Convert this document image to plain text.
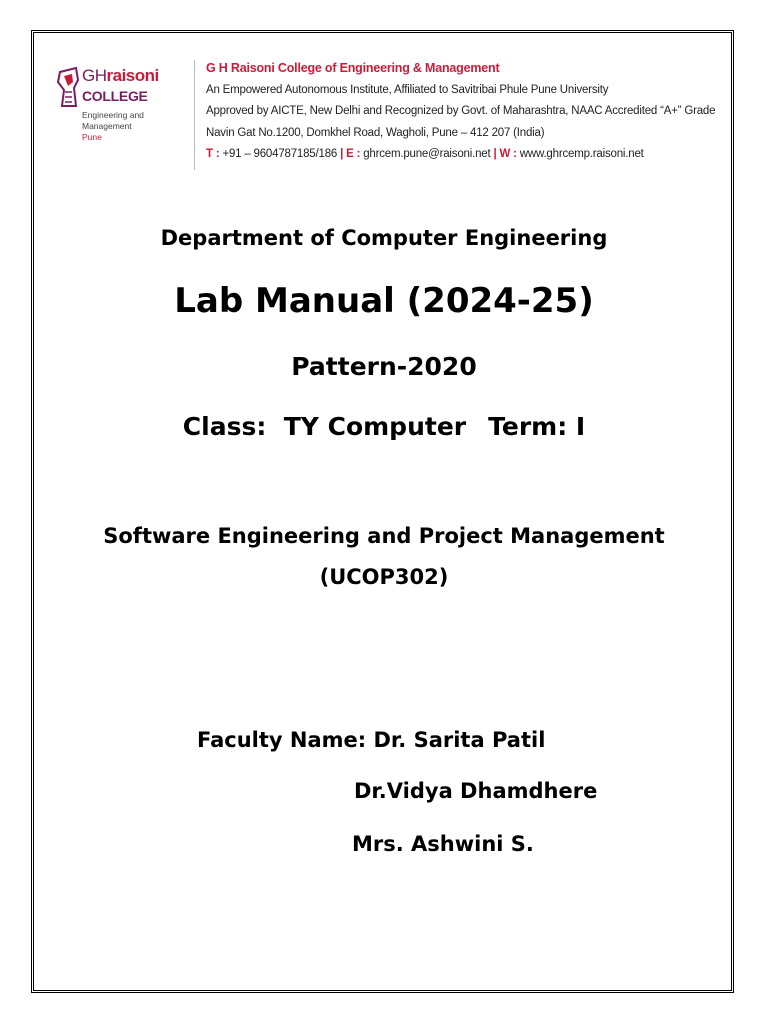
GHraisoni
COLLEGE
Engineering and
Management
Pune
G H Raisoni College of Engineering & Management
An Empowered Autonomous Institute, Affiliated to Savitribai Phule Pune University
Approved by AICTE, New Delhi and Recognized by Govt. of Maharashtra, NAAC Accredited “A+” Grade
Navin Gat No.1200, Domkhel Road, Wagholi, Pune – 412 207 (India)
T : +91 – 9604787185/186 | E : ghrcem.pune@raisoni.net | W : www.ghrcemp.raisoni.net
Department of Computer Engineering
Lab Manual (2024-25)
Pattern-2020
Class:  TY Computer Term: I
Software Engineering and Project Management
(UCOP302)
Faculty Name: Dr. Sarita Patil
Dr.Vidya Dhamdhere
Mrs. Ashwini S.
